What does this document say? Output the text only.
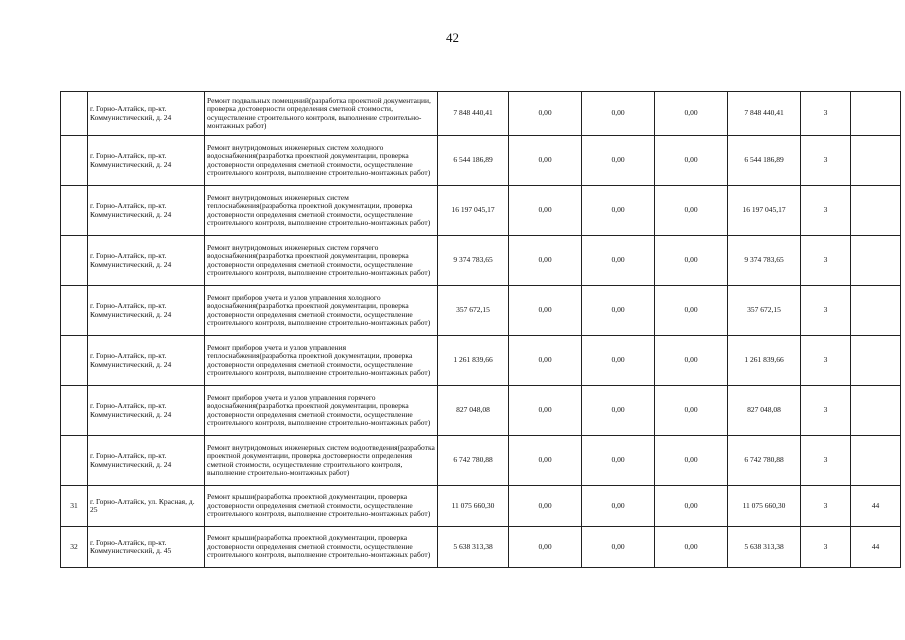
42
	г. Горно-Алтайск, пр-кт. Коммунистический, д. 24	Ремонт подвальных помещений(разработка проектной документации, проверка достоверности определения сметной стоимости, осуществление строительного контроля, выполнение строительно-монтажных работ)	7 848 440,41	0,00	0,00	0,00	7 848 440,41	3	
	г. Горно-Алтайск, пр-кт. Коммунистический, д. 24	Ремонт внутридомовых инженерных систем холодного водоснабжения(разработка проектной документации, проверка достоверности определения сметной стоимости, осуществление строительного контроля, выполнение строительно-монтажных работ)	6 544 186,89	0,00	0,00	0,00	6 544 186,89	3	
	г. Горно-Алтайск, пр-кт. Коммунистический, д. 24	Ремонт внутридомовых инженерных систем теплоснабжения(разработка проектной документации, проверка достоверности определения сметной стоимости, осуществление строительного контроля, выполнение строительно-монтажных работ)	16 197 045,17	0,00	0,00	0,00	16 197 045,17	3	
	г. Горно-Алтайск, пр-кт. Коммунистический, д. 24	Ремонт внутридомовых инженерных систем горячего водоснабжения(разработка проектной документации, проверка достоверности определения сметной стоимости, осуществление строительного контроля, выполнение строительно-монтажных работ)	9 374 783,65	0,00	0,00	0,00	9 374 783,65	3	
	г. Горно-Алтайск, пр-кт. Коммунистический, д. 24	Ремонт приборов учета и узлов управления холодного водоснабжения(разработка проектной документации, проверка достоверности определения сметной стоимости, осуществление строительного контроля, выполнение строительно-монтажных работ)	357 672,15	0,00	0,00	0,00	357 672,15	3	
	г. Горно-Алтайск, пр-кт. Коммунистический, д. 24	Ремонт приборов учета и узлов управления теплоснабжения(разработка проектной документации, проверка достоверности определения сметной стоимости, осуществление строительного контроля, выполнение строительно-монтажных работ)	1 261 839,66	0,00	0,00	0,00	1 261 839,66	3	
	г. Горно-Алтайск, пр-кт. Коммунистический, д. 24	Ремонт приборов учета и узлов управления горячего водоснабжения(разработка проектной документации, проверка достоверности определения сметной стоимости, осуществление строительного контроля, выполнение строительно-монтажных работ)	827 048,08	0,00	0,00	0,00	827 048,08	3	
	г. Горно-Алтайск, пр-кт. Коммунистический, д. 24	Ремонт внутридомовых инженерных систем водоотведения(разработка проектной документации, проверка достоверности определения сметной стоимости, осуществление строительного контроля, выполнение строительно-монтажных работ)	6 742 780,88	0,00	0,00	0,00	6 742 780,88	3	
31	г. Горно-Алтайск, ул. Красная, д. 25	Ремонт крыши(разработка проектной документации, проверка достоверности определения сметной стоимости, осуществление строительного контроля, выполнение строительно-монтажных работ)	11 075 660,30	0,00	0,00	0,00	11 075 660,30	3	44
32	г. Горно-Алтайск, пр-кт. Коммунистический, д. 45	Ремонт крыши(разработка проектной документации, проверка достоверности определения сметной стоимости, осуществление строительного контроля, выполнение строительно-монтажных работ)	5 638 313,38	0,00	0,00	0,00	5 638 313,38	3	44
